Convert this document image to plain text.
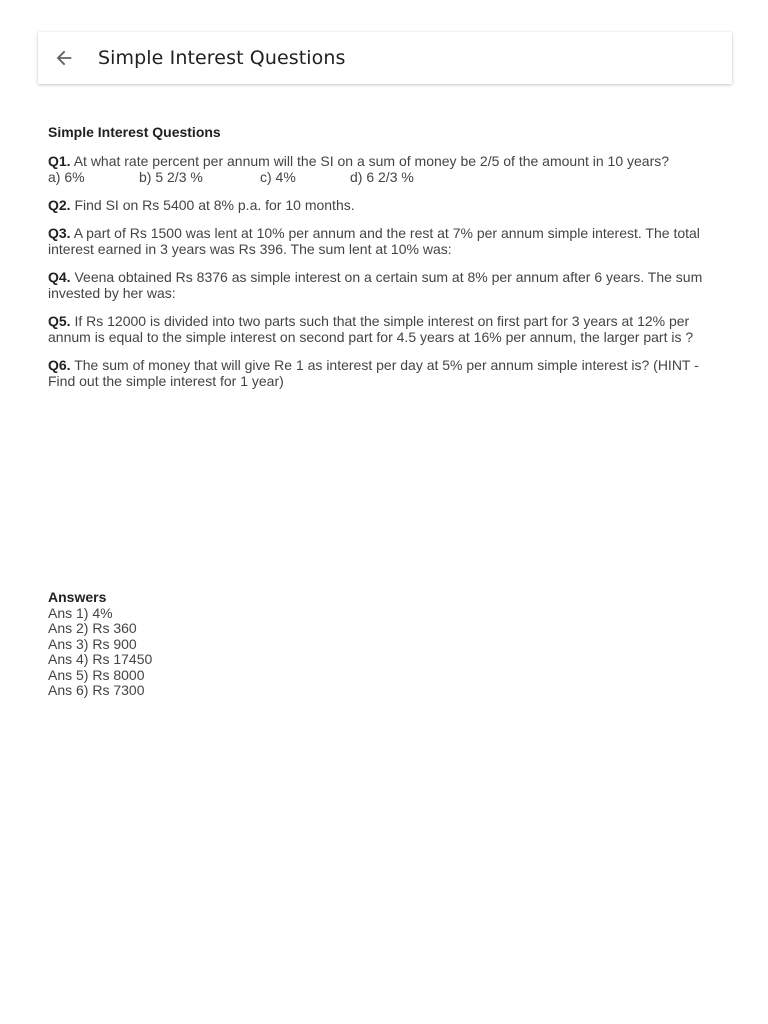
Simple Interest Questions
Simple Interest Questions
Q1. At what rate percent per annum will the SI on a sum of money be 2/5 of the amount in 10 years?
a) 6%	b) 5 2/3 %	c) 4%	d) 6 2/3 %
Q2. Find SI on Rs 5400 at 8% p.a. for 10 months.
Q3. A part of Rs 1500 was lent at 10% per annum and the rest at 7% per annum simple interest. The total interest earned in 3 years was Rs 396. The sum lent at 10% was:
Q4. Veena obtained Rs 8376 as simple interest on a certain sum at 8% per annum after 6 years. The sum invested by her was:
Q5. If Rs 12000 is divided into two parts such that the simple interest on first part for 3 years at 12% per annum is equal to the simple interest on second part for 4.5 years at 16% per annum, the larger part is ?
Q6. The sum of money that will give Re 1 as interest per day at 5% per annum simple interest is? (HINT - Find out the simple interest for 1 year)
Answers
Ans 1) 4%
Ans 2) Rs 360
Ans 3) Rs 900
Ans 4) Rs 17450
Ans 5) Rs 8000
Ans 6) Rs 7300
